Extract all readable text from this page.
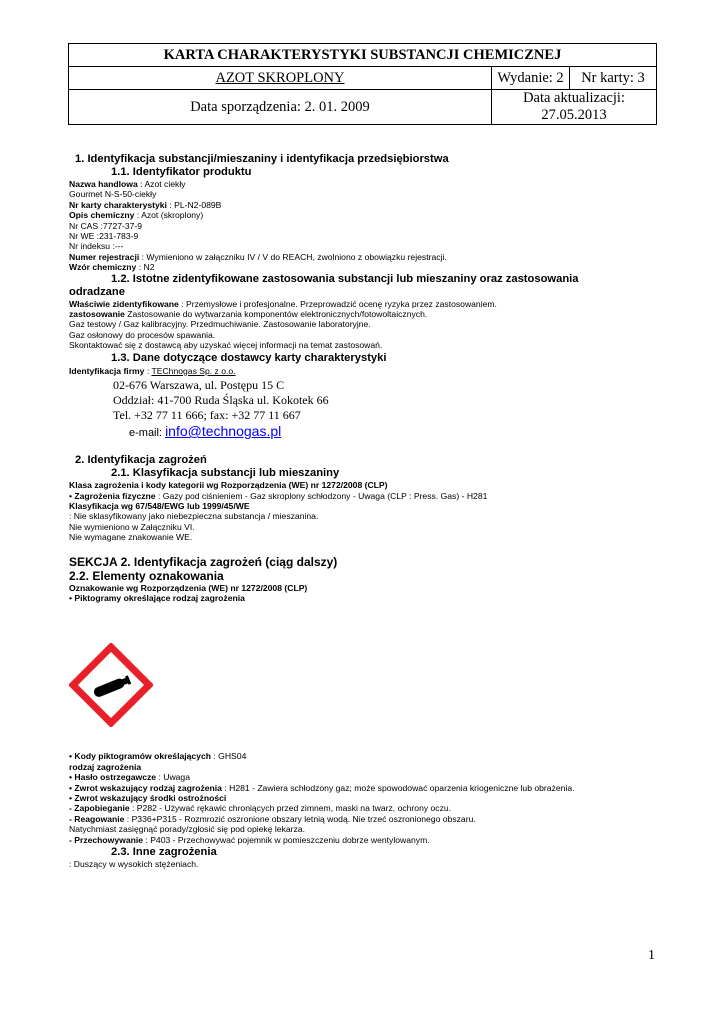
KARTA CHARAKTERYSTYKI SUBSTANCJI CHEMICZNEJ		
AZOT SKROPLONY	Wydanie: 2	Nr karty: 3
Data sporządzenia: 2. 01. 2009	Data aktualizacji: 27.05.2013	
1. Identyfikacja substancji/mieszaniny i identyfikacja przedsiębiorstwa
1.1. Identyfikator produktu
Nazwa handlowa : Azot ciekły
Gourmet N-S-50-ciekły
Nr karty charakterystyki : PL-N2-089B
Opis chemiczny : Azot (skroplony)
Nr CAS :7727-37-9
Nr WE :231-783-9
Nr indeksu :---
Numer rejestracji : Wymieniono w załączniku IV / V do REACH, zwolniono z obowiązku rejestracji.
Wzór chemiczny : N2
1.2. Istotne zidentyfikowane zastosowania substancji lub mieszaniny oraz zastosowania
odradzane
Właściwie zidentyfikowane : Przemysłowe i profesjonalne. Przeprowadzić ocenę ryzyka przez zastosowaniem.
zastosowanie Zastosowanie do wytwarzania komponentów elektronicznych/fotowoltaicznych.
Gaz testowy / Gaz kalibracyjny. Przedmuchiwanie. Zastosowanie laboratoryjne.
Gaz osłonowy do procesów spawania.
Skontaktować się z dostawcą aby uzyskać więcej informacji na temat zastosowań.
1.3. Dane dotyczące dostawcy karty charakterystyki
Identyfikacja firmy : TEChnogas Sp. z o.o.
02-676 Warszawa, ul. Postępu 15 C
Oddział: 41-700 Ruda Śląska ul. Kokotek 66
Tel. +32 77 11 666; fax: +32 77 11 667
e-mail: info@technogas.pl
2. Identyfikacja zagrożeń
2.1. Klasyfikacja substancji lub mieszaniny
Klasa zagrożenia i kody kategorii wg Rozporządzenia (WE) nr 1272/2008 (CLP)
• Zagrożenia fizyczne : Gazy pod ciśnieniem - Gaz skroplony schłodzony - Uwaga (CLP : Press. Gas) - H281
Klasyfikacja wg 67/548/EWG lub 1999/45/WE
: Nie sklasyfikowany jako niebezpieczna substancja / mieszanina.
Nie wymieniono w Załączniku VI.
Nie wymagane znakowanie WE.
SEKCJA 2. Identyfikacja zagrożeń (ciąg dalszy)
2.2. Elementy oznakowania
Oznakowanie wg Rozporządzenia (WE) nr 1272/2008 (CLP)
• Piktogramy określające rodzaj zagrożenia
• Kody piktogramów określających : GHS04
rodzaj zagrożenia
• Hasło ostrzegawcze : Uwaga
• Zwrot wskazujący rodzaj zagrożenia : H281 - Zawiera schłodzony gaz; może spowodować oparzenia kriogeniczne lub obrażenia.
• Zwrot wskazujący środki ostrożności
- Zapobieganie : P282 - Używać rękawic chroniących przed zimnem, maski na twarz, ochrony oczu.
- Reagowanie : P336+P315 - Rozmrozić oszronione obszary letnią wodą. Nie trzeć oszronionego obszaru.
Natychmiast zasięgnąć porady/zgłosić się pod opiekę lekarza.
- Przechowywanie : P403 - Przechowywać pojemnik w pomieszczeniu dobrze wentylowanym.
2.3. Inne zagrożenia
: Duszący w wysokich stężeniach.
1
